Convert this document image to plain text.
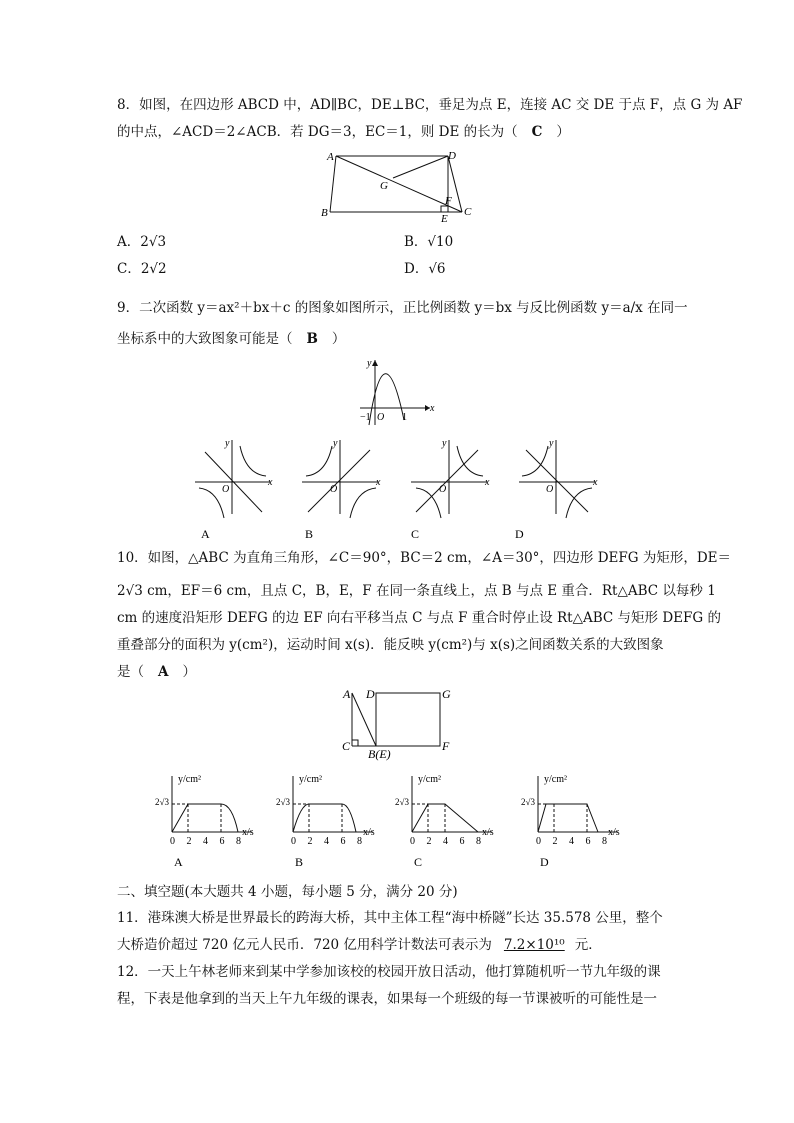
8．如图，在四边形 ABCD 中，AD∥BC，DE⊥BC，垂足为点 E，连接 AC 交 DE 于点 F，点 G 为 AF
的中点，∠ACD＝2∠ACB．若 DG＝3，EC＝1，则 DE 的长为（ C ）
A	D
G
F
B	E
C
A．2√3	B．√10
C．2√2	D．√6
9．二次函数 y＝ax²＋bx＋c 的图象如图所示，正比例函数 y＝bx 与反比例函数 y＝a/x 在同一
坐标系中的大致图象可能是（ B ）
y
x
−1 O 1
y
x
O
y
x
O
y
x
O
y
x
O
A	B	C	D
10．如图，△ABC 为直角三角形，∠C＝90°，BC＝2 cm，∠A＝30°，四边形 DEFG 为矩形，DE＝
2√3 cm，EF＝6 cm，且点 C，B，E，F 在同一条直线上，点 B 与点 E 重合．Rt△ABC 以每秒 1
cm 的速度沿矩形 DEFG 的边 EF 向右平移当点 C 与点 F 重合时停止设 Rt△ABC 与矩形 DEFG 的
重叠部分的面积为 y(cm²)，运动时间 x(s)．能反映 y(cm²)与 x(s)之间函数关系的大致图象
是（ A ）
A D	G
C
B(E)
F
y/cm²
x/s
2√3
0 2 4 6 8
A
y/cm²
x/s
2√3
0 2 4 6 8
B
y/cm²
x/s
2√3
0 2 4 6 8
C
y/cm²
x/s
2√3
0 2 4 6 8
D
二、填空题(本大题共 4 小题，每小题 5 分，满分 20 分)
11．港珠澳大桥是世界最长的跨海大桥，其中主体工程“海中桥隧”长达 35.578 公里，整个
大桥造价超过 720 亿元人民币．720 亿用科学计数法可表示为 7.2×10¹⁰ 元．
12．一天上午林老师来到某中学参加该校的校园开放日活动，他打算随机听一节九年级的课
程，下表是他拿到的当天上午九年级的课表，如果每一个班级的每一节课被听的可能性是一
